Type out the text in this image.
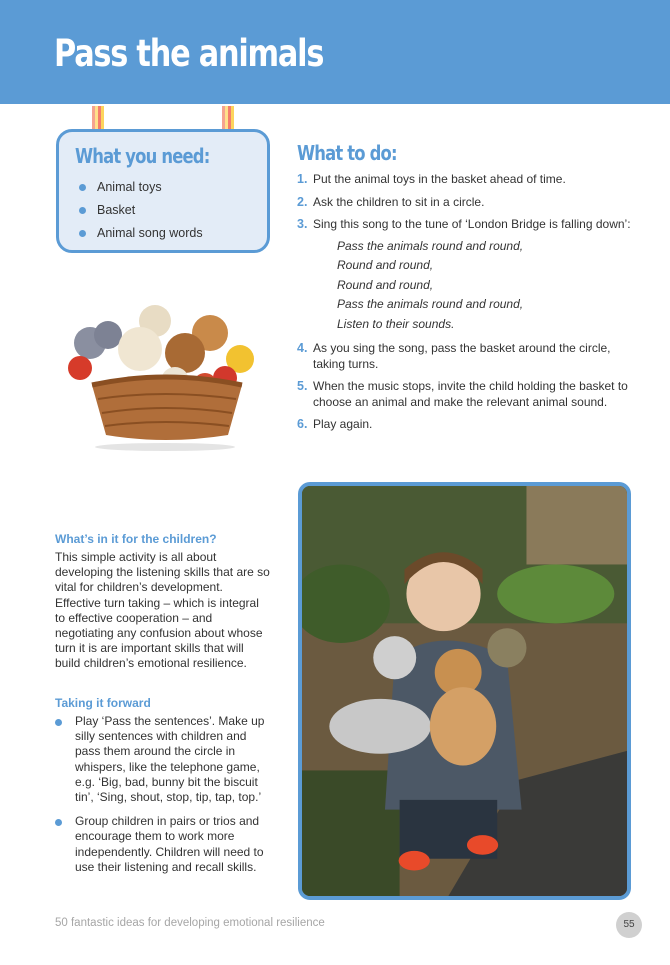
Pass the animals
What you need:
Animal toys
Basket
Animal song words
What to do:
1. Put the animal toys in the basket ahead of time.
2. Ask the children to sit in a circle.
3. Sing this song to the tune of ‘London Bridge is falling down’:
Pass the animals round and round,
Round and round,
Round and round,
Pass the animals round and round,
Listen to their sounds.
4. As you sing the song, pass the basket around the circle, taking turns.
5. When the music stops, invite the child holding the basket to choose an animal and make the relevant animal sound.
6. Play again.
What’s in it for the children?
This simple activity is all about developing the listening skills that are so vital for children’s development. Effective turn taking – which is integral to effective cooperation – and negotiating any confusion about whose turn it is are important skills that will build children’s emotional resilience.
Taking it forward
Play ‘Pass the sentences’. Make up silly sentences with children and pass them around the circle in whispers, like the telephone game, e.g. ‘Big, bad, bunny bit the biscuit tin’, ‘Sing, shout, stop, tip, tap, top.’
Group children in pairs or trios and encourage them to work more independently. Children will need to use their listening and recall skills.
50 fantastic ideas for developing emotional resilience	55
